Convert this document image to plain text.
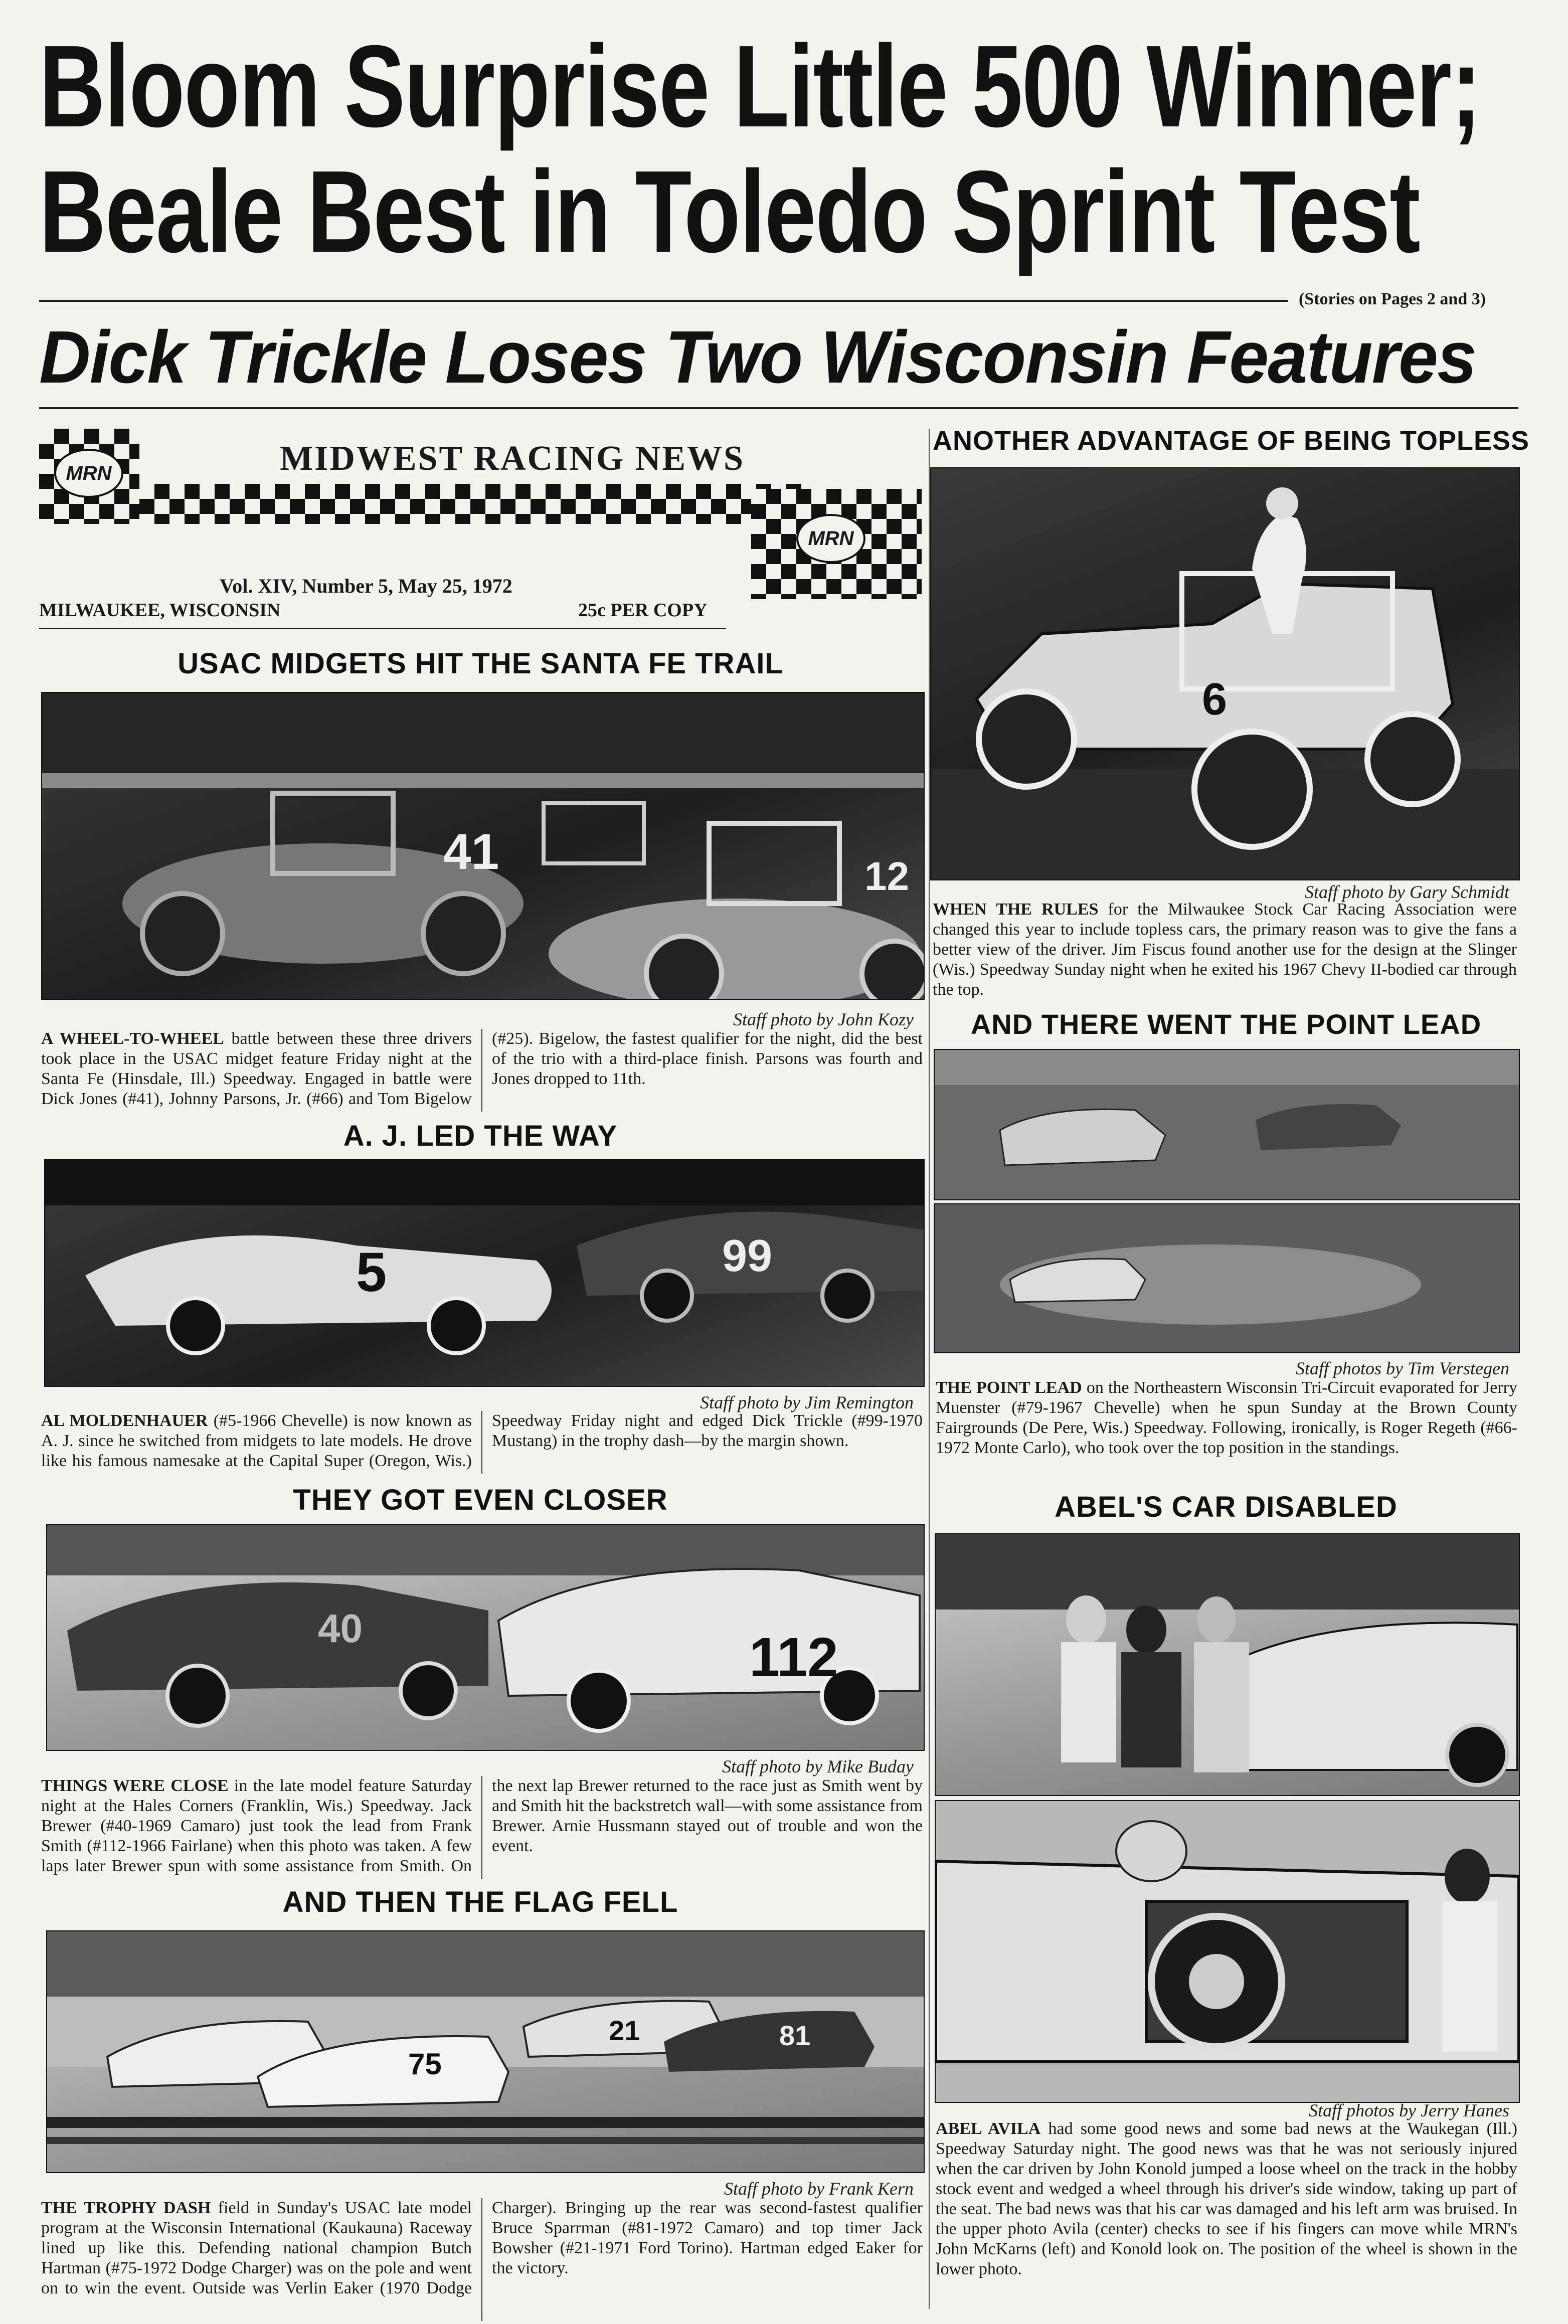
Bloom Surprise Little 500 Winner;
Beale Best in Toledo Sprint Test
(Stories on Pages 2 and 3)
Dick Trickle Loses Two Wisconsin Features
MRN
MRN
MIDWEST RACING NEWS
Vol. XIV, Number 5, May 25, 1972
MILWAUKEE, WISCONSIN	25c PER COPY
USAC MIDGETS HIT THE SANTA FE TRAIL
41	12
Staff photo by John Kozy
A WHEEL-TO-WHEEL battle between these three drivers took place in the USAC midget feature Friday night at the Santa Fe (Hinsdale, Ill.) Speedway. Engaged in battle were Dick Jones (#41), Johnny Parsons, Jr. (#66) and Tom Bigelow (#25). Bigelow, the fastest qualifier for the night, did the best of the trio with a third-place finish. Parsons was fourth and Jones dropped to 11th.
A. J. LED THE WAY
5	99
Staff photo by Jim Remington
AL MOLDENHAUER (#5-1966 Chevelle) is now known as A. J. since he switched from midgets to late models. He drove like his famous namesake at the Capital Super (Oregon, Wis.) Speedway Friday night and edged Dick Trickle (#99-1970 Mustang) in the trophy dash—by the margin shown.
THEY GOT EVEN CLOSER
40	112
Staff photo by Mike Buday
THINGS WERE CLOSE in the late model feature Saturday night at the Hales Corners (Franklin, Wis.) Speedway. Jack Brewer (#40-1969 Camaro) just took the lead from Frank Smith (#112-1966 Fairlane) when this photo was taken. A few laps later Brewer spun with some assistance from Smith. On the next lap Brewer returned to the race just as Smith went by and Smith hit the backstretch wall—with some assistance from Brewer. Arnie Hussmann stayed out of trouble and won the event.
AND THEN THE FLAG FELL
75
21	81
Staff photo by Frank Kern
THE TROPHY DASH field in Sunday's USAC late model program at the Wisconsin International (Kaukauna) Raceway lined up like this. Defending national champion Butch Hartman (#75-1972 Dodge Charger) was on the pole and went on to win the event. Outside was Verlin Eaker (1970 Dodge Charger). Bringing up the rear was second-fastest qualifier Bruce Sparrman (#81-1972 Camaro) and top timer Jack Bowsher (#21-1971 Ford Torino). Hartman edged Eaker for the victory.
ANOTHER ADVANTAGE OF BEING TOPLESS
6
Staff photo by Gary Schmidt
WHEN THE RULES for the Milwaukee Stock Car Racing Association were changed this year to include topless cars, the primary reason was to give the fans a better view of the driver. Jim Fiscus found another use for the design at the Slinger (Wis.) Speedway Sunday night when he exited his 1967 Chevy II-bodied car through the top.
AND THERE WENT THE POINT LEAD
Staff photos by Tim Verstegen
THE POINT LEAD on the Northeastern Wisconsin Tri-Circuit evaporated for Jerry Muenster (#79-1967 Chevelle) when he spun Sunday at the Brown County Fairgrounds (De Pere, Wis.) Speedway. Following, ironically, is Roger Regeth (#66-1972 Monte Carlo), who took over the top position in the standings.
ABEL'S CAR DISABLED
Staff photos by Jerry Hanes
ABEL AVILA had some good news and some bad news at the Waukegan (Ill.) Speedway Saturday night. The good news was that he was not seriously injured when the car driven by John Konold jumped a loose wheel on the track in the hobby stock event and wedged a wheel through his driver's side window, taking up part of the seat. The bad news was that his car was damaged and his left arm was bruised. In the upper photo Avila (center) checks to see if his fingers can move while MRN's John McKarns (left) and Konold look on. The position of the wheel is shown in the lower photo.
